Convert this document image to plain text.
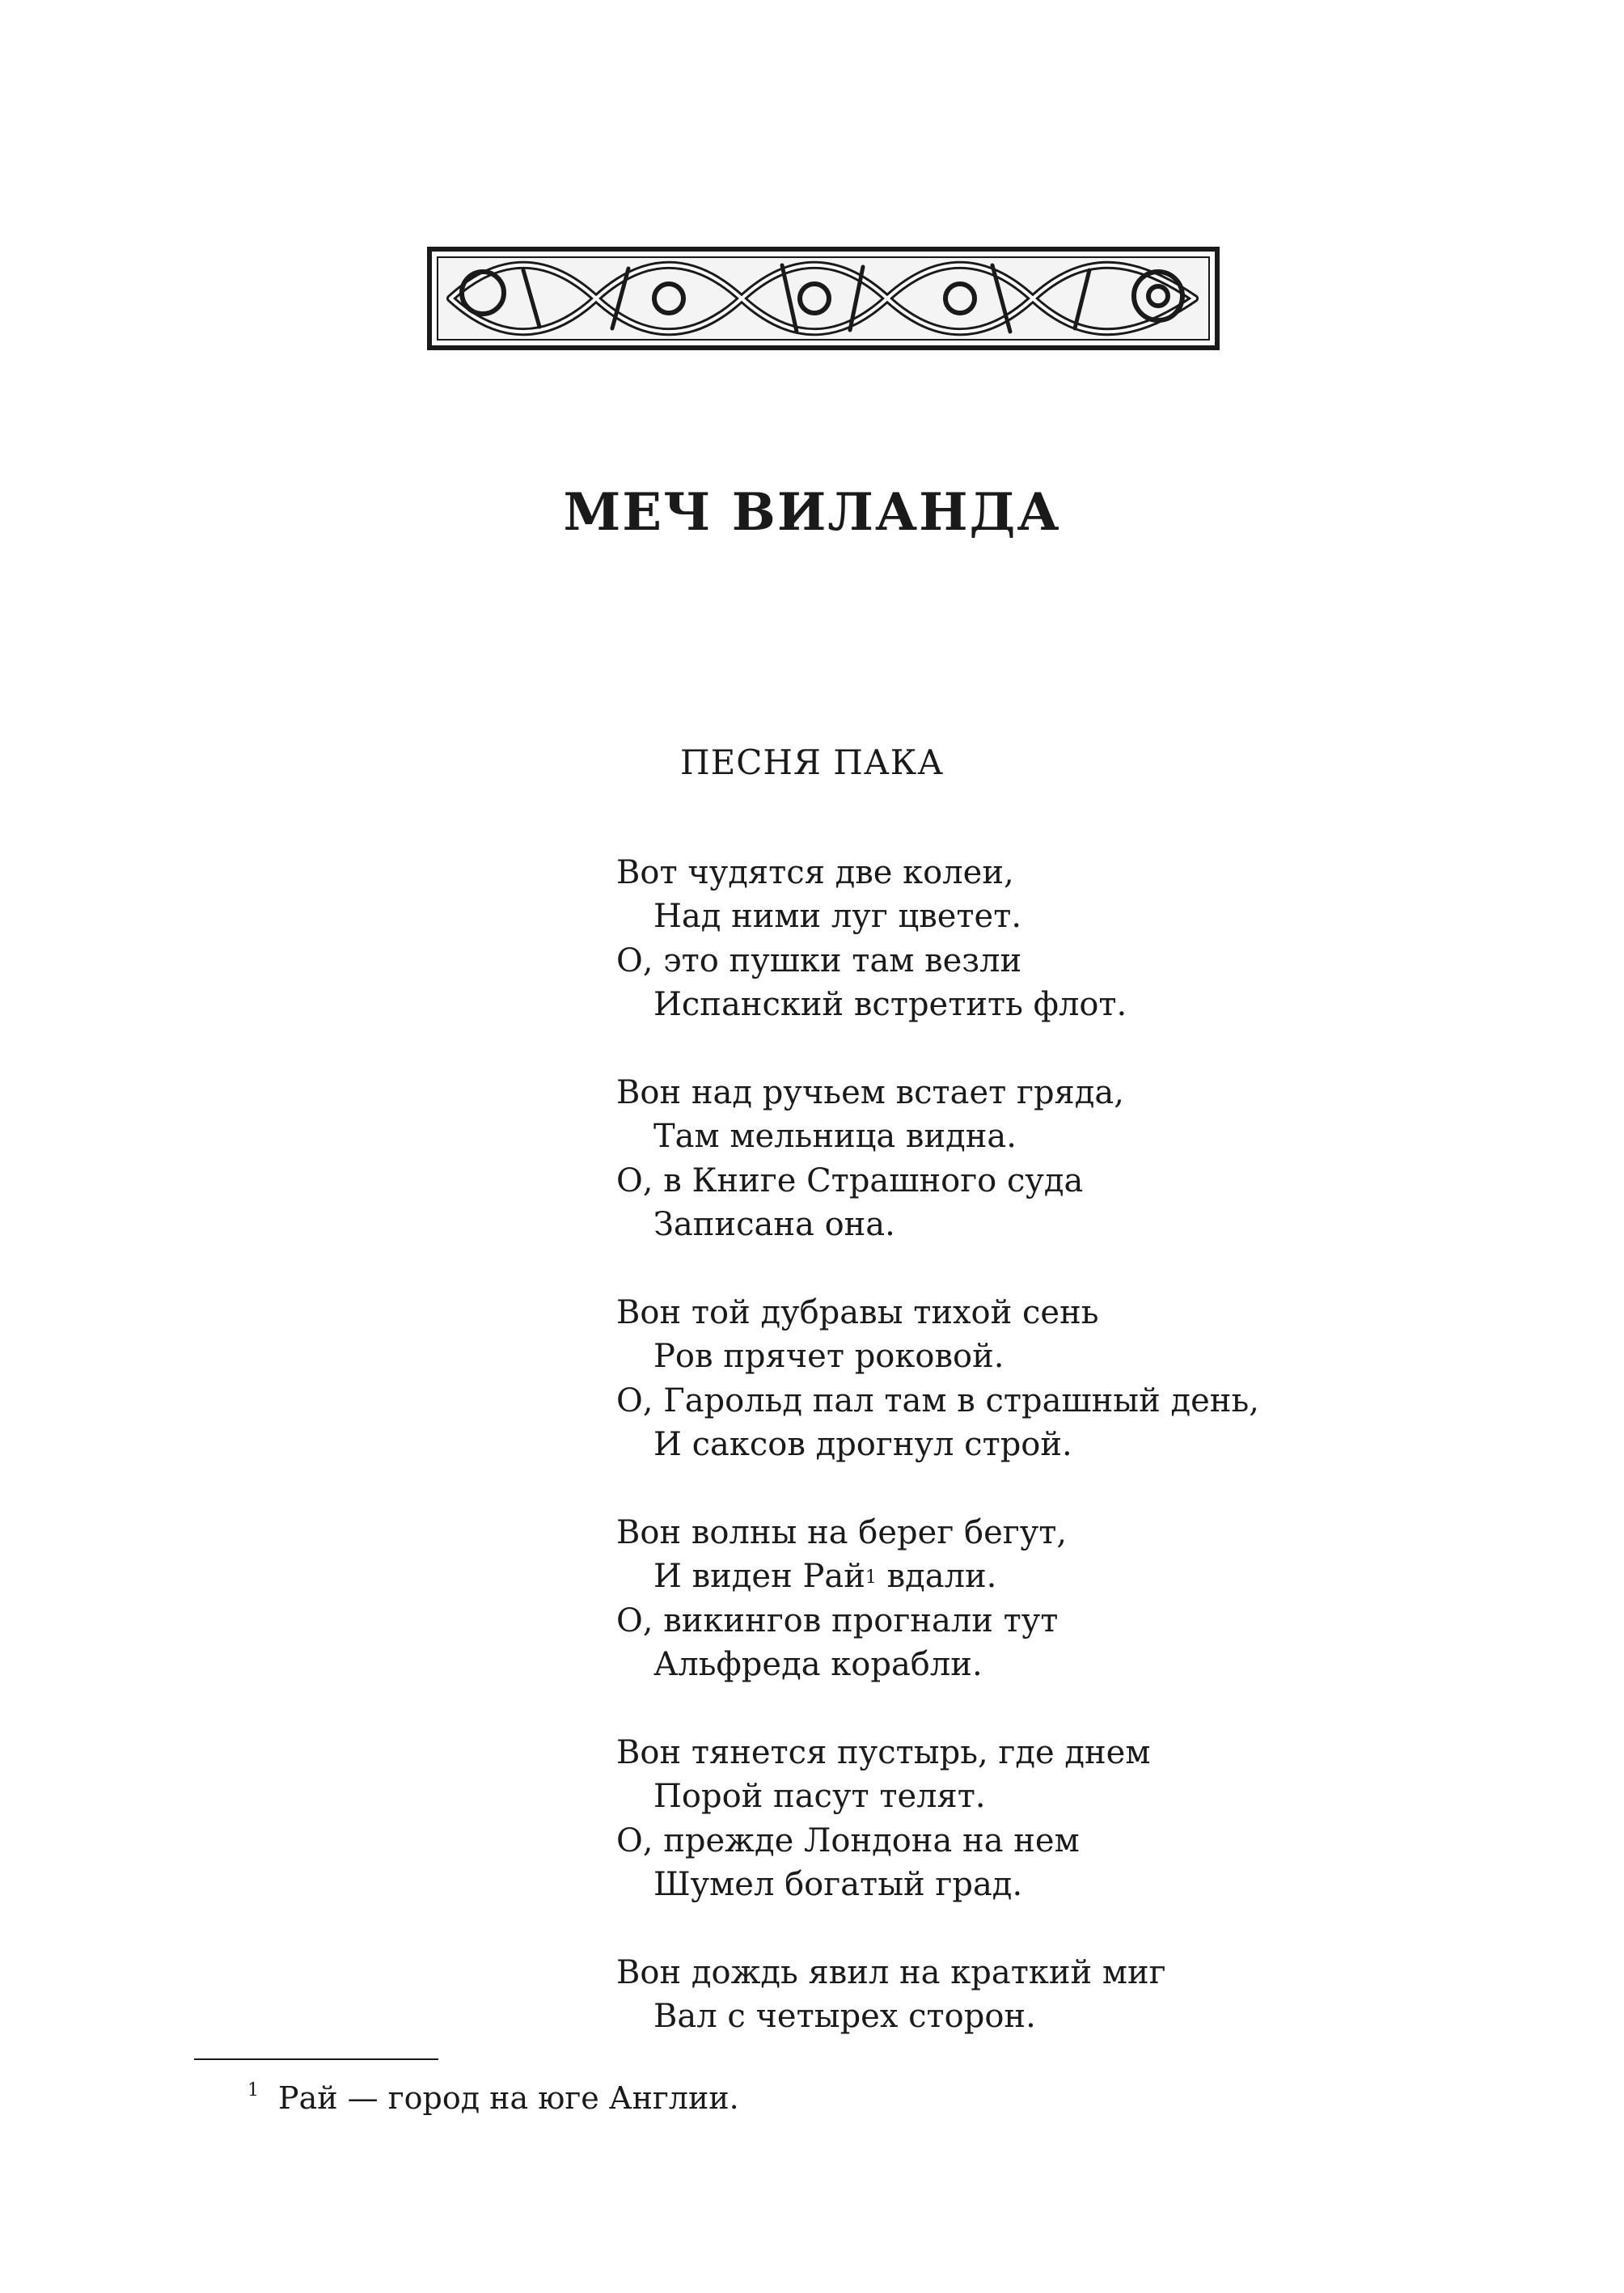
МЕЧ ВИЛАНДА
ПЕСНЯ ПАКА
Вот чудятся две колеи,
Над ними луг цветет.
О, это пушки там везли
Испанский встретить флот.
Вон над ручьем встает гряда,
Там мельница видна.
О, в Книге Страшного суда
Записана она.
Вон той дубравы тихой сень
Ров прячет роковой.
О, Гарольд пал там в страшный день,
И саксов дрогнул строй.
Вон волны на берег бегут,
И виден Рай$^1$ вдали.
О, викингов прогнали тут
Альфреда корабли.
Вон тянется пустырь, где днем
Порой пасут телят.
О, прежде Лондона на нем
Шумел богатый град.
Вон дождь явил на краткий миг
Вал с четырех сторон.
$^1$ Рай — город на юге Англии.
